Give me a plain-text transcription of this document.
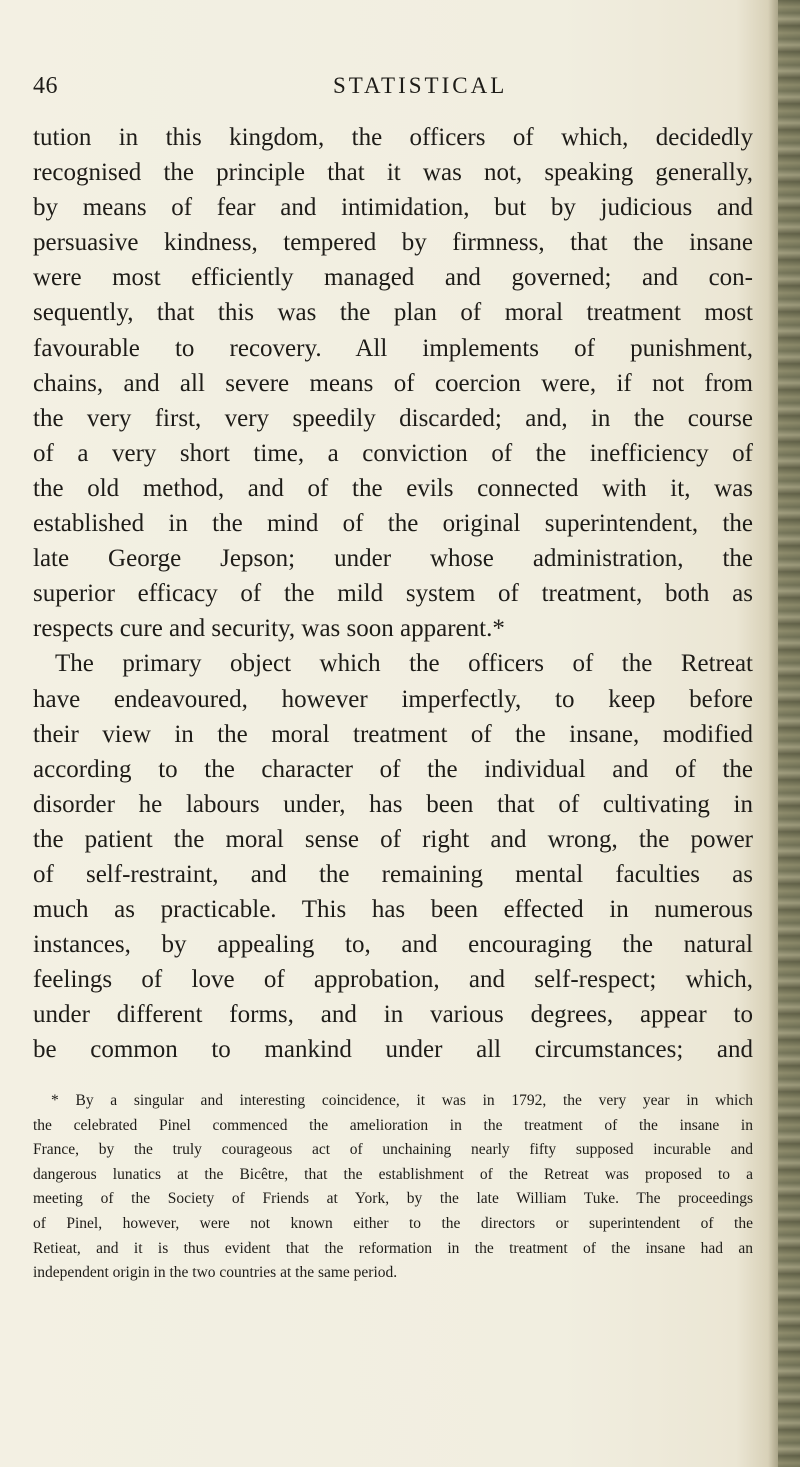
46	STATISTICAL
tution in this kingdom, the officers of which, decidedly
recognised the principle that it was not, speaking generally,
by means of fear and intimidation, but by judicious and
persuasive kindness, tempered by firmness, that the insane
were most efficiently managed and governed; and con-
sequently, that this was the plan of moral treatment most
favourable to recovery. All implements of punishment,
chains, and all severe means of coercion were, if not from
the very first, very speedily discarded; and, in the course
of a very short time, a conviction of the inefficiency of
the old method, and of the evils connected with it, was
established in the mind of the original superintendent, the
late George Jepson; under whose administration, the
superior efficacy of the mild system of treatment, both as
respects cure and security, was soon apparent.*
The primary object which the officers of the Retreat
have endeavoured, however imperfectly, to keep before
their view in the moral treatment of the insane, modified
according to the character of the individual and of the
disorder he labours under, has been that of cultivating in
the patient the moral sense of right and wrong, the power
of self-restraint, and the remaining mental faculties as
much as practicable. This has been effected in numerous
instances, by appealing to, and encouraging the natural
feelings of love of approbation, and self-respect; which,
under different forms, and in various degrees, appear to
be common to mankind under all circumstances; and
* By a singular and interesting coincidence, it was in 1792, the very year in which
the celebrated Pinel commenced the amelioration in the treatment of the insane in
France, by the truly courageous act of unchaining nearly fifty supposed incurable and
dangerous lunatics at the Bicêtre, that the establishment of the Retreat was proposed to a
meeting of the Society of Friends at York, by the late William Tuke. The proceedings
of Pinel, however, were not known either to the directors or superintendent of the
Retieat, and it is thus evident that the reformation in the treatment of the insane had an
independent origin in the two countries at the same period.
